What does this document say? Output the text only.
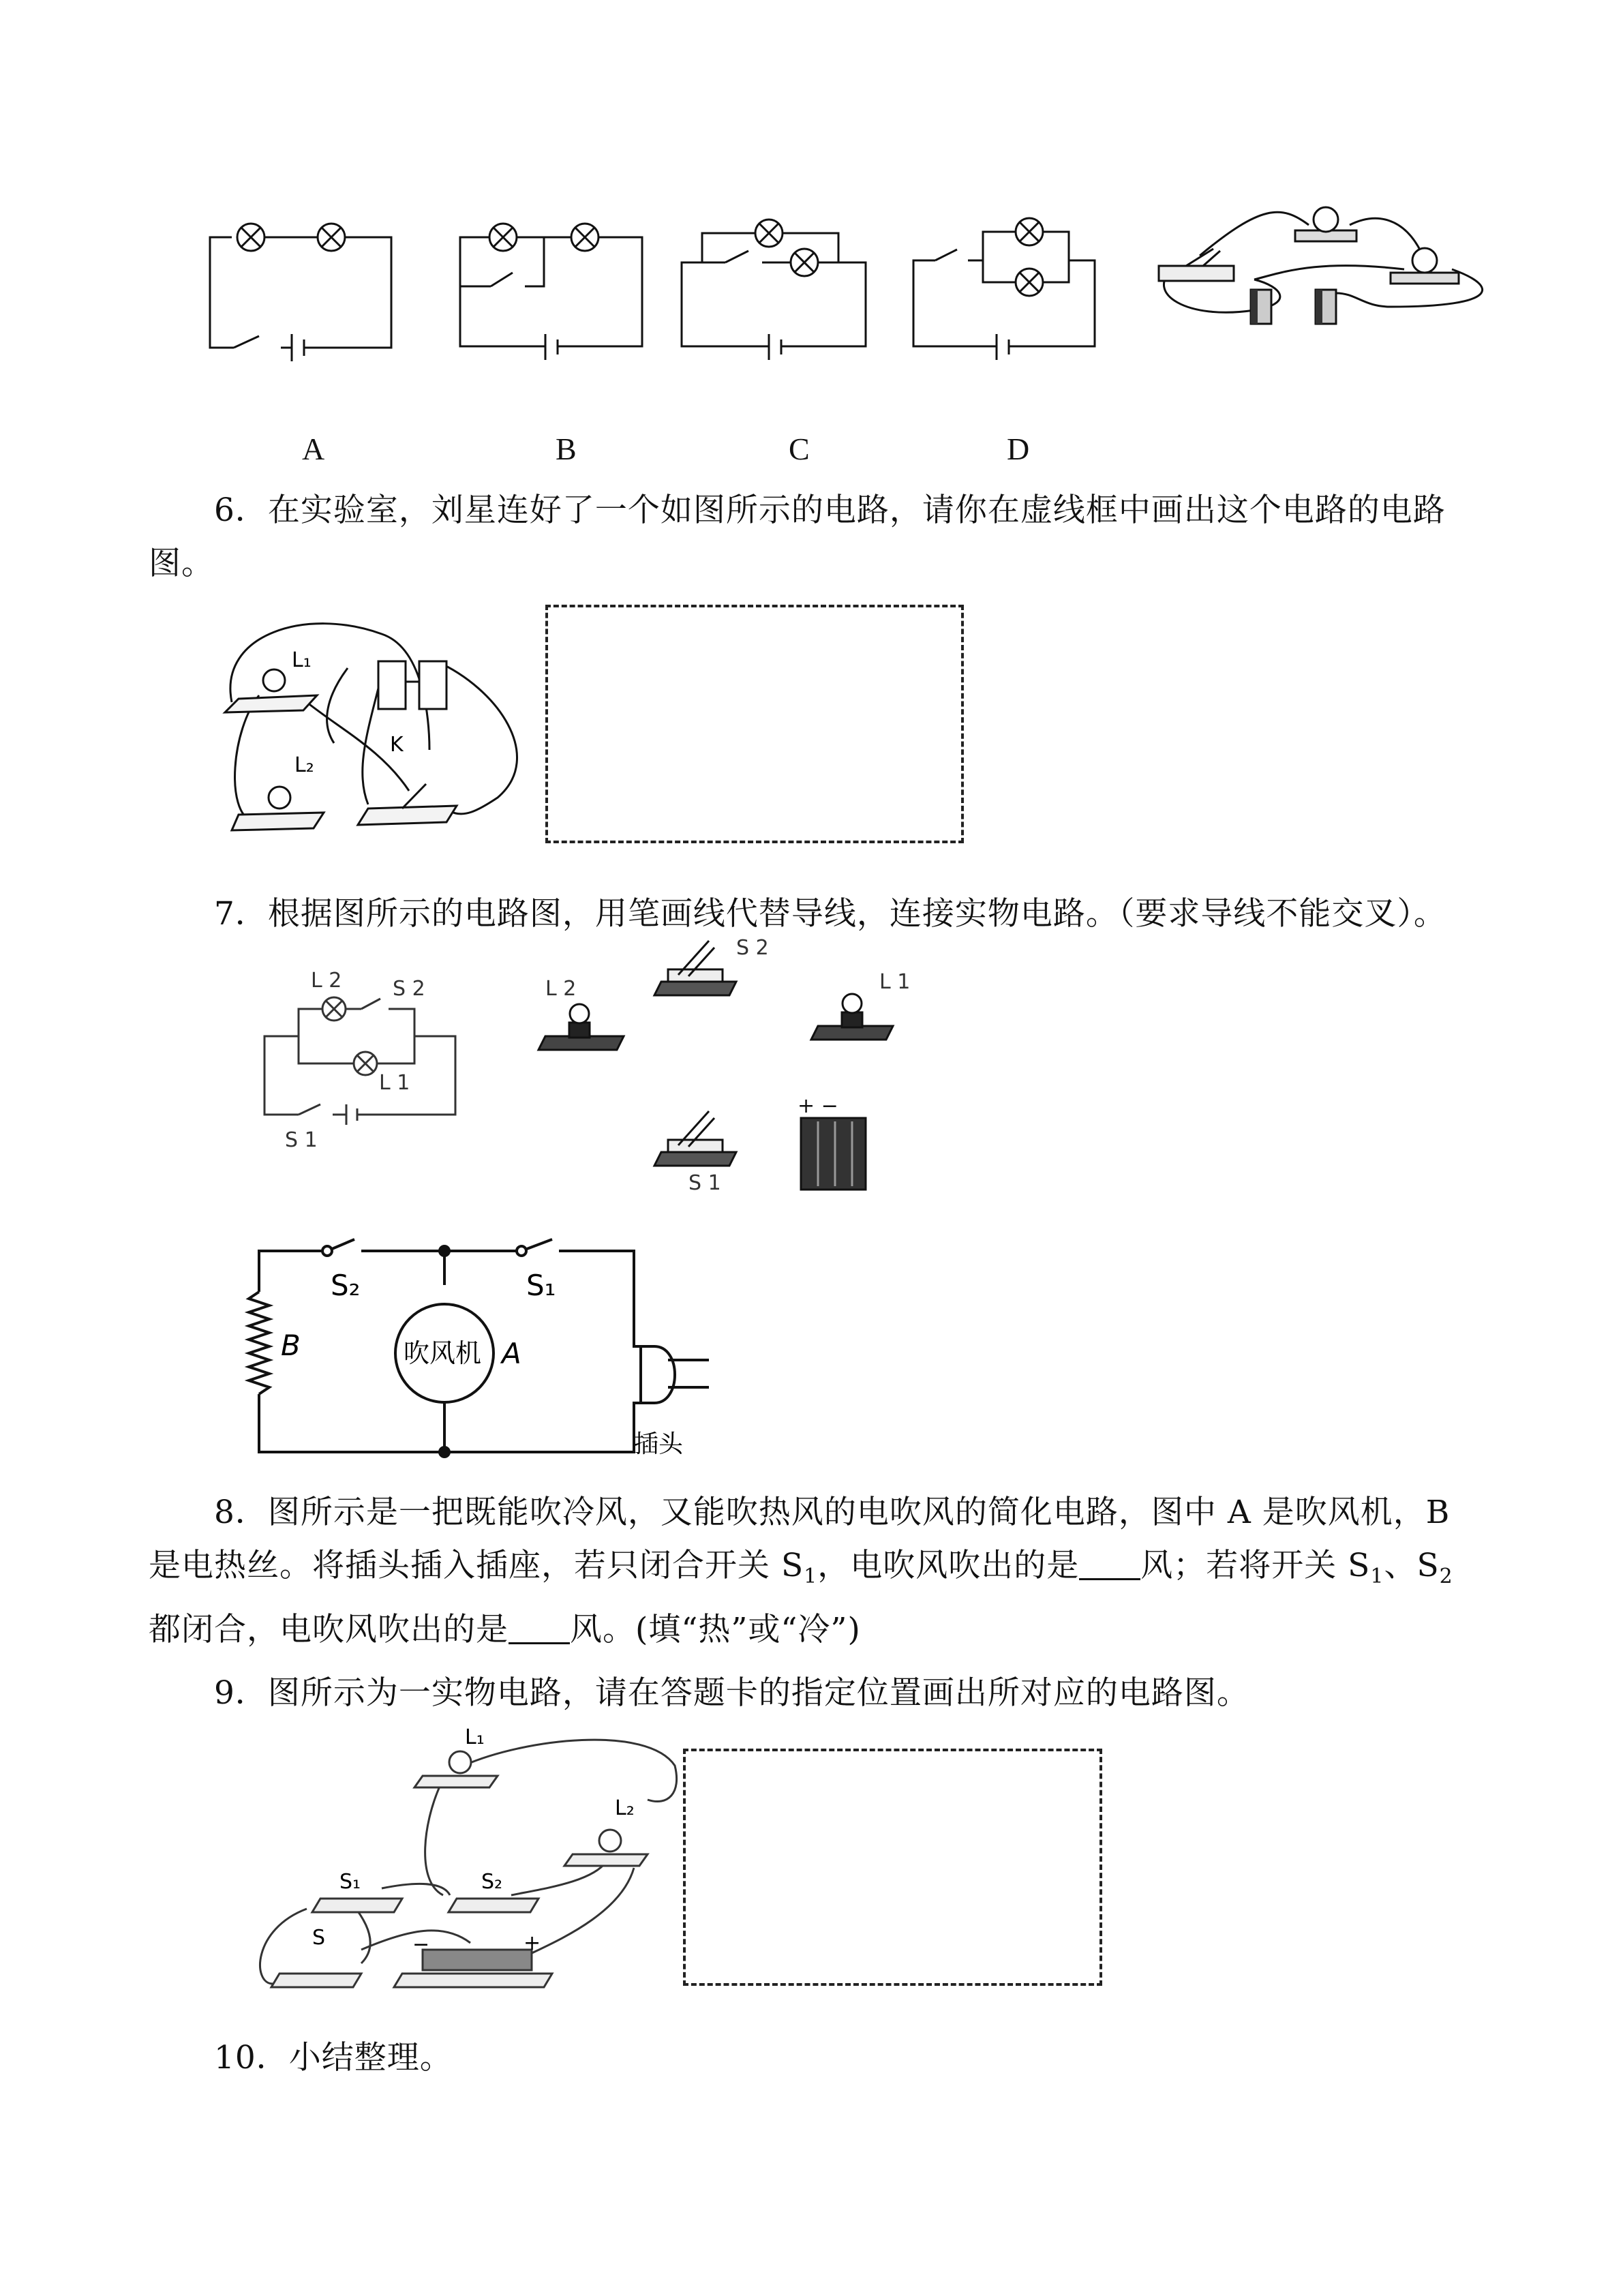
A	B	C	D
6．在实验室，刘星连好了一个如图所示的电路，请你在虚线框中画出这个电路的电路图。
L₁
L₂
K
7．根据图所示的电路图，用笔画线代替导线，连接实物电路。（要求导线不能交叉）。
L 2 S 2
L 1
S 1
L 2
S 2
L 1
S 1
+ −
S₂	S₁
B	A
吹风机
插头
8．图所示是一把既能吹冷风，又能吹热风的电吹风的简化电路，图中 A 是吹风机，B 是电热丝。将插头插入插座，若只闭合开关 $S_1$，电吹风吹出的是 风；若将开关 $S_1$、$S_2$ 都闭合，电吹风吹出的是 风。(填“热”或“冷”)
9．图所示为一实物电路，请在答题卡的指定位置画出所对应的电路图。
L₁
L₂
S₁	S₂
S	−	+
10．小结整理。
